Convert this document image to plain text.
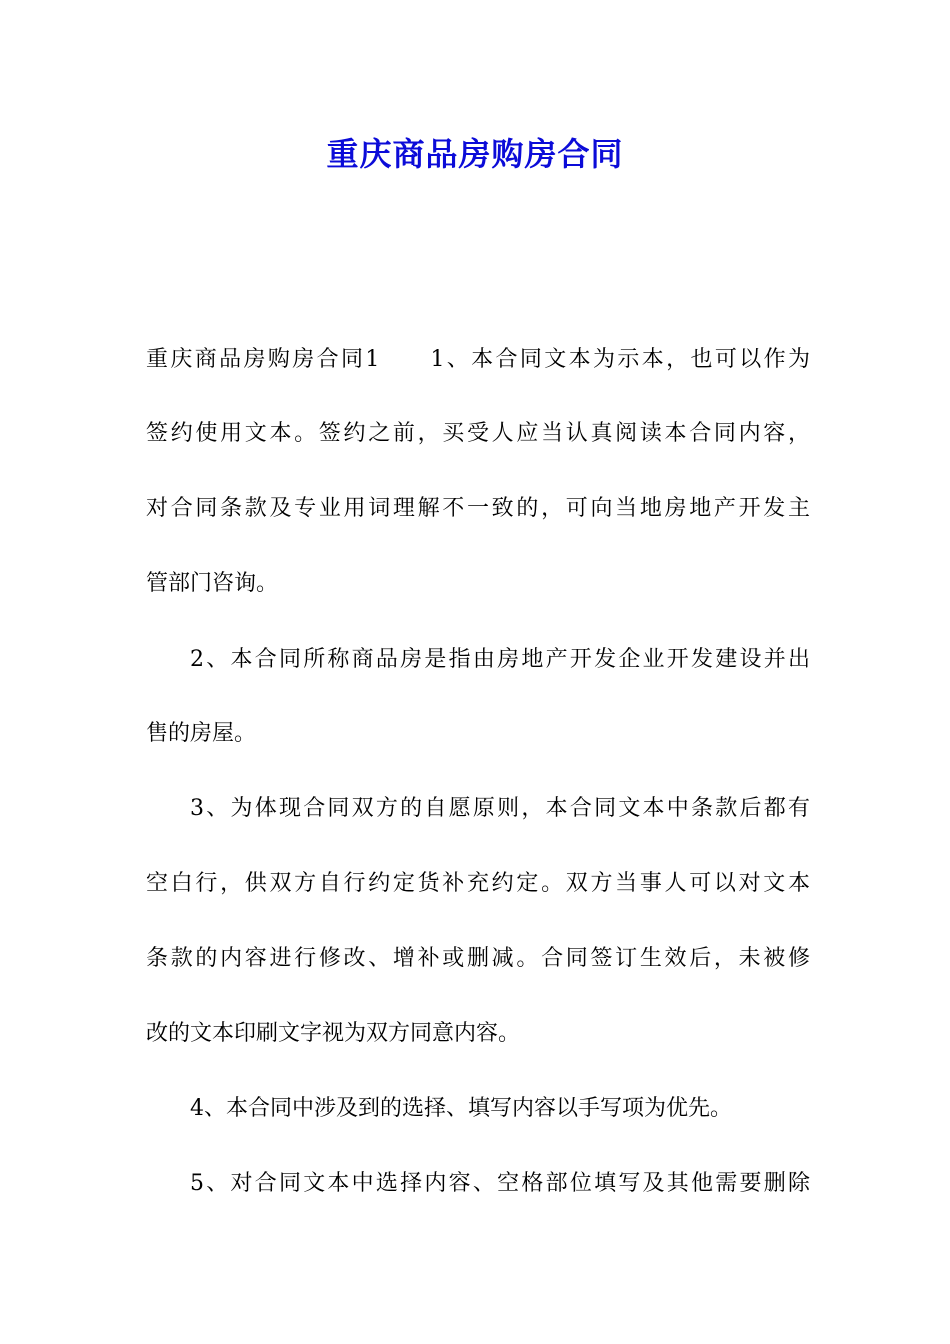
重庆商品房购房合同
重庆商品房购房合同1　　1、本合同文本为示本，也可以作为
签约使用文本。签约之前，买受人应当认真阅读本合同内容，
对合同条款及专业用词理解不一致的，可向当地房地产开发主
管部门咨询。
2、本合同所称商品房是指由房地产开发企业开发建设并出
售的房屋。
3、为体现合同双方的自愿原则，本合同文本中条款后都有
空白行，供双方自行约定货补充约定。双方当事人可以对文本
条款的内容进行修改、增补或删减。合同签订生效后，未被修
改的文本印刷文字视为双方同意内容。
4、本合同中涉及到的选择、填写内容以手写项为优先。
5、对合同文本中选择内容、空格部位填写及其他需要删除
